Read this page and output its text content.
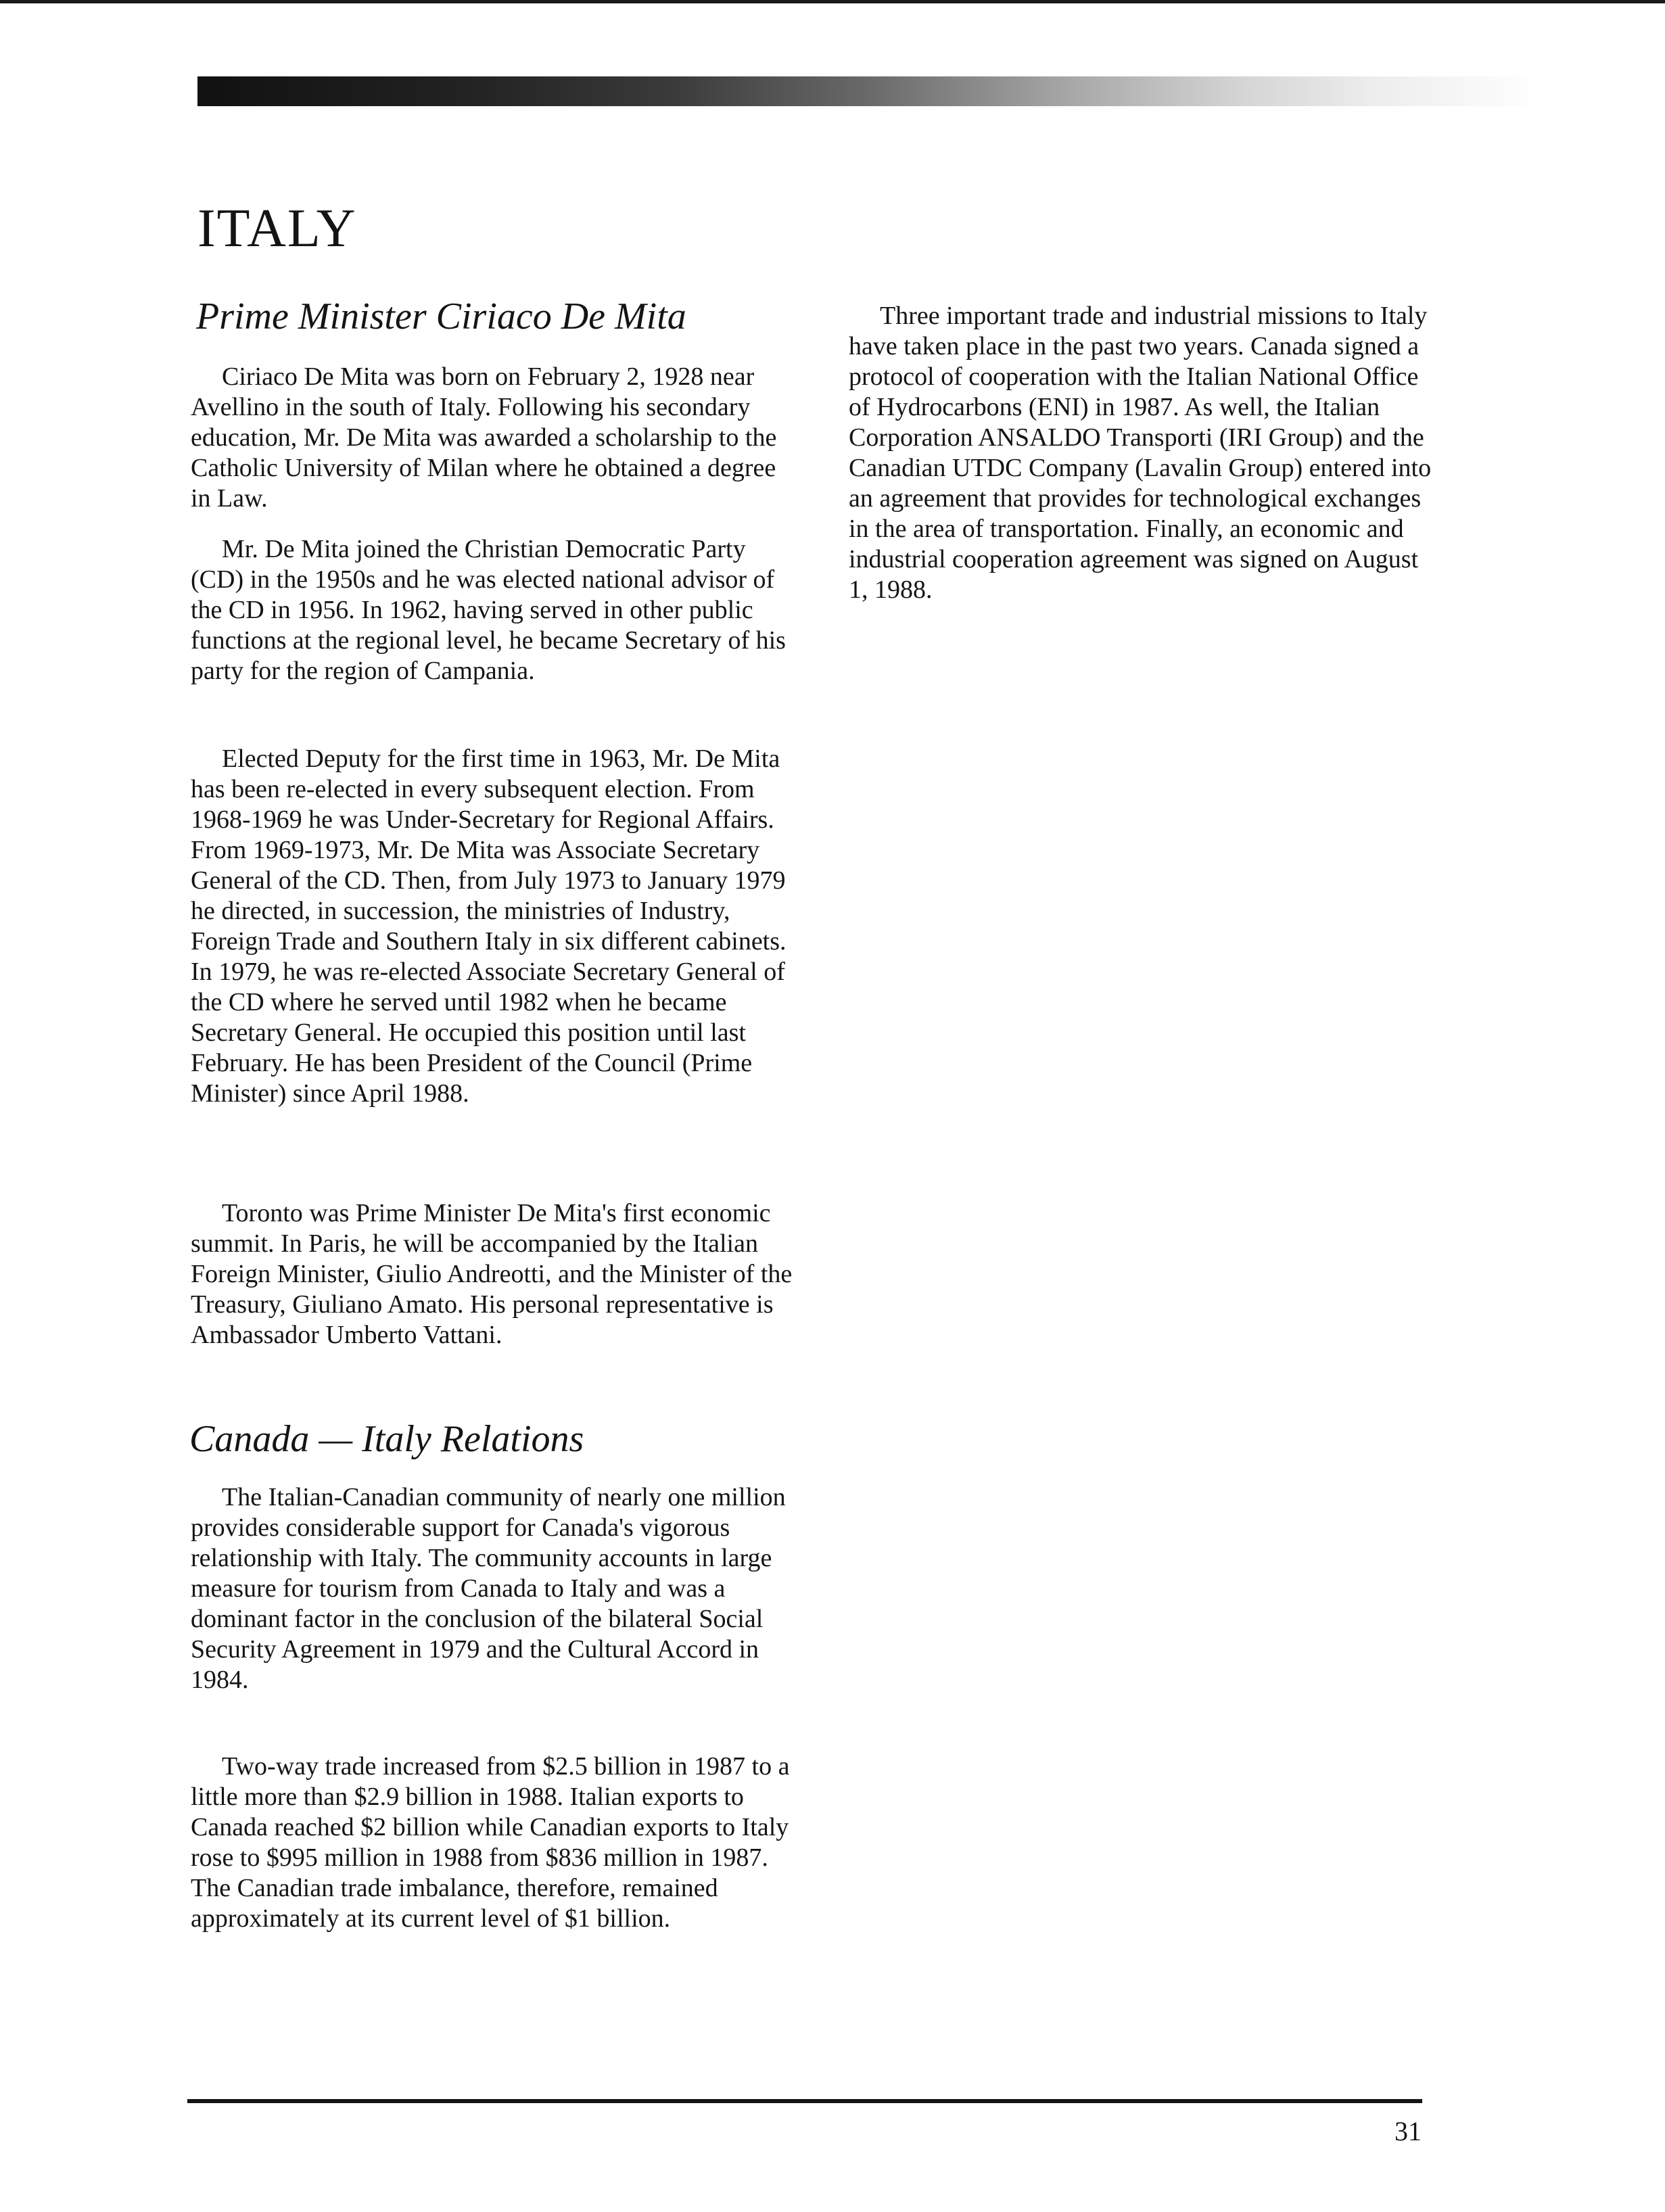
ITALY
Prime Minister Ciriaco De Mita

Ciriaco De Mita was born on February 2, 1928 near Avellino in the south of Italy. Following his secondary education, Mr. De Mita was awarded a scholarship to the Catholic University of Milan where he obtained a degree in Law.

Mr. De Mita joined the Christian Democratic Party (CD) in the 1950s and he was elected national advisor of the CD in 1956. In 1962, having served in other public functions at the regional level, he became Secretary of his party for the region of Campania.

Elected Deputy for the first time in 1963, Mr. De Mita has been re-elected in every subsequent election. From 1968-1969 he was Under-Secretary for Regional Affairs. From 1969-1973, Mr. De Mita was Associate Secretary General of the CD. Then, from July 1973 to January 1979 he directed, in succession, the ministries of Industry, Foreign Trade and Southern Italy in six different cabinets. In 1979, he was re-elected Associate Secretary General of the CD where he served until 1982 when he became Secretary General. He occupied this position until last February. He has been President of the Council (Prime Minister) since April 1988.

Toronto was Prime Minister De Mita's first economic summit. In Paris, he will be accompanied by the Italian Foreign Minister, Giulio Andreotti, and the Minister of the Treasury, Giuliano Amato. His personal representative is Ambassador Umberto Vattani.

Canada — Italy Relations

The Italian-Canadian community of nearly one million provides considerable support for Canada's vigorous relationship with Italy. The community accounts in large measure for tourism from Canada to Italy and was a dominant factor in the conclusion of the bilateral Social Security Agreement in 1979 and the Cultural Accord in 1984.

Two-way trade increased from $2.5 billion in 1987 to a little more than $2.9 billion in 1988. Italian exports to Canada reached $2 billion while Canadian exports to Italy rose to $995 million in 1988 from $836 million in 1987. The Canadian trade imbalance, therefore, remained approximately at its current level of $1 billion.

Three important trade and industrial missions to Italy have taken place in the past two years. Canada signed a protocol of cooperation with the Italian National Office of Hydrocarbons (ENI) in 1987. As well, the Italian Corporation ANSALDO Transporti (IRI Group) and the Canadian UTDC Company (Lavalin Group) entered into an agreement that provides for technological exchanges in the area of transportation. Finally, an economic and industrial cooperation agreement was signed on August 1, 1988.

31
